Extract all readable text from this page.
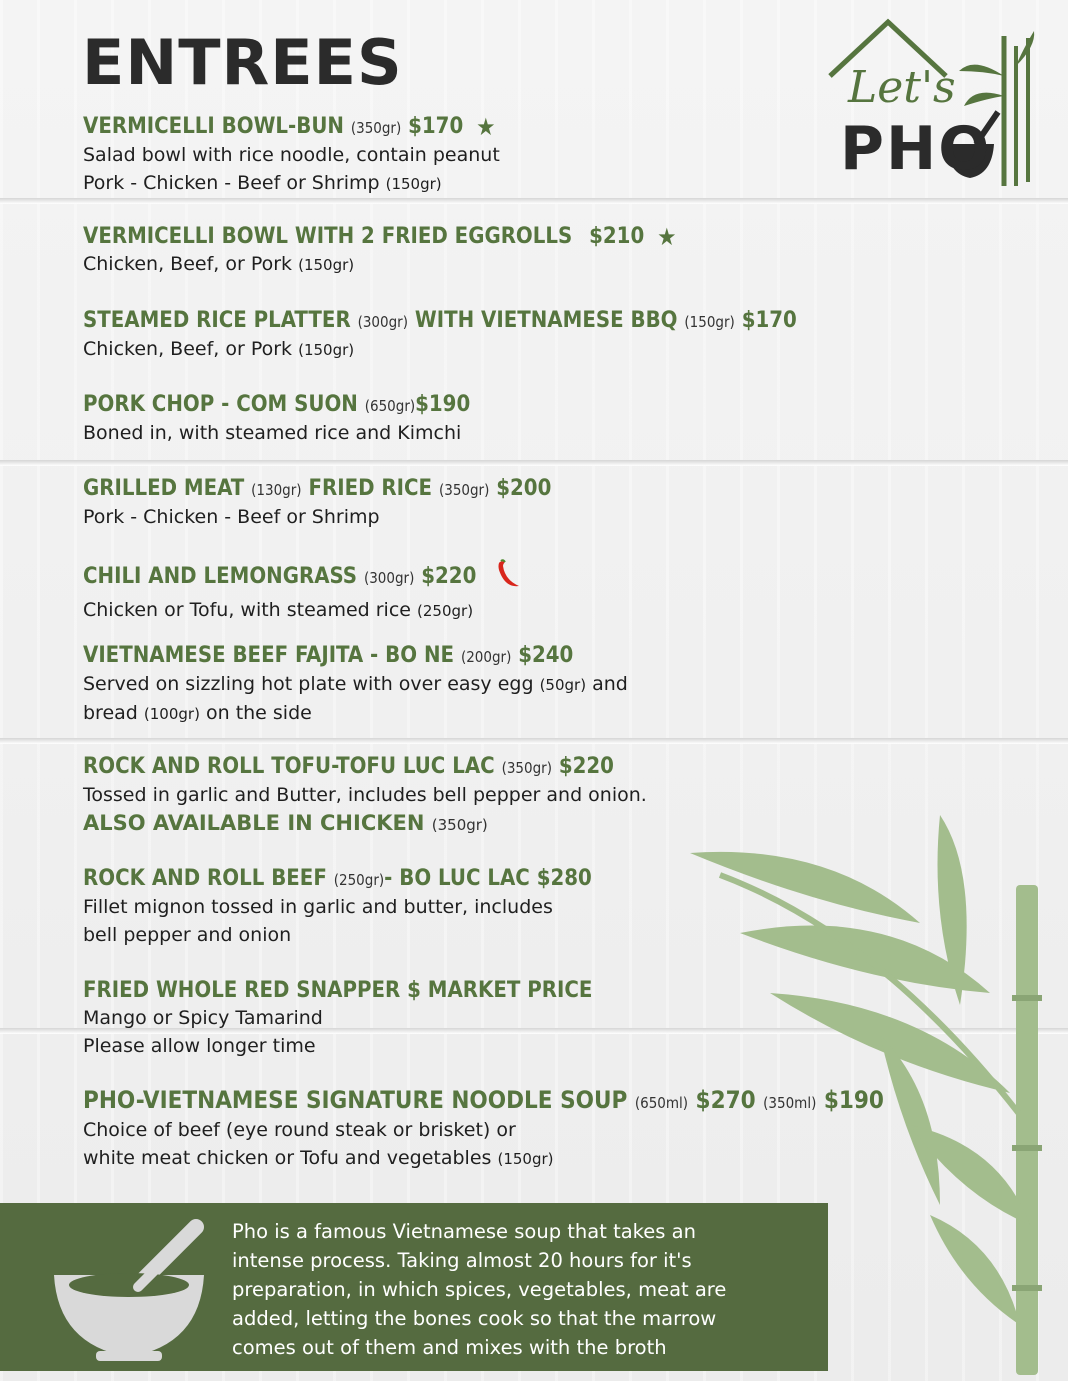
ENTREES	Let's
PHO
VERMICELLI BOWL-BUN (350gr) $170 ★
Salad bowl with rice noodle, contain peanut
Pork - Chicken - Beef or Shrimp (150gr)
VERMICELLI BOWL WITH 2 FRIED EGGROLLS $210 ★
Chicken, Beef, or Pork (150gr)
STEAMED RICE PLATTER (300gr) WITH VIETNAMESE BBQ (150gr) $170
Chicken, Beef, or Pork (150gr)
PORK CHOP - COM SUON (650gr)$190
Boned in, with steamed rice and Kimchi
GRILLED MEAT (130gr) FRIED RICE (350gr) $200
Pork - Chicken - Beef or Shrimp
CHILI AND LEMONGRASS (300gr) $220
Chicken or Tofu, with steamed rice (250gr)
VIETNAMESE BEEF FAJITA - BO NE (200gr) $240
Served on sizzling hot plate with over easy egg (50gr) and
bread (100gr) on the side
ROCK AND ROLL TOFU-TOFU LUC LAC (350gr) $220
Tossed in garlic and Butter, includes bell pepper and onion.
ALSO AVAILABLE IN CHICKEN (350gr)
ROCK AND ROLL BEEF (250gr)- BO LUC LAC $280
Fillet mignon tossed in garlic and butter, includes
bell pepper and onion
FRIED WHOLE RED SNAPPER $ MARKET PRICE
Mango or Spicy Tamarind
Please allow longer time
PHO-VIETNAMESE SIGNATURE NOODLE SOUP (650ml) $270 (350ml) $190
Choice of beef (eye round steak or brisket) or
white meat chicken or Tofu and vegetables (150gr)
Pho is a famous Vietnamese soup that takes an
intense process. Taking almost 20 hours for it's
preparation, in which spices, vegetables, meat are
added, letting the bones cook so that the marrow
comes out of them and mixes with the broth
